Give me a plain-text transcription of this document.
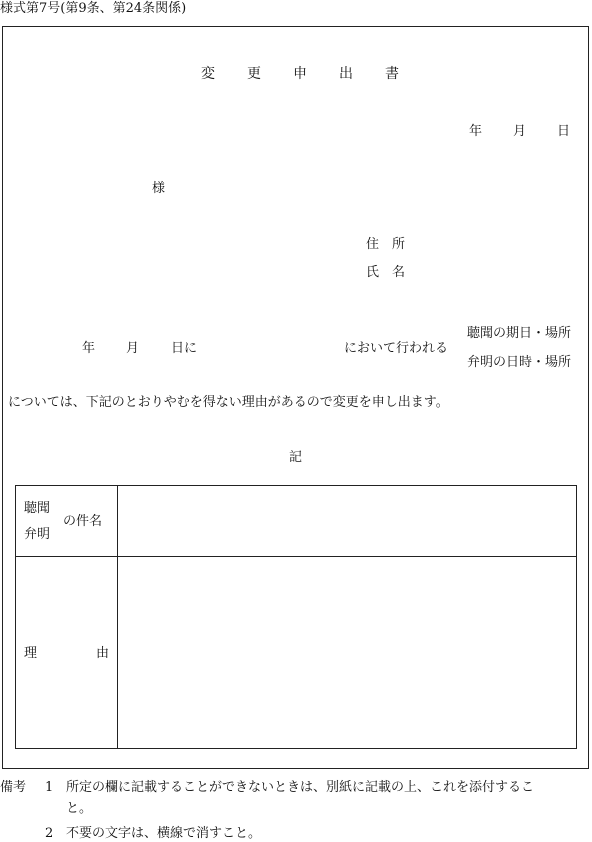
様式第7号(第9条、第24条関係)
変更申出書
年 月 日
様
住　所
氏　名
年 月 日に	において行われる
聴聞の期日・場所
弁明の日時・場所
については、下記のとおりやむを得ない理由があるので変更を申し出ます。
記
聴聞
弁明
の件名
理	由
備考 1 所定の欄に記載することができないときは、別紙に記載の上、これを添付するこ
と。
2 不要の文字は、横線で消すこと。
